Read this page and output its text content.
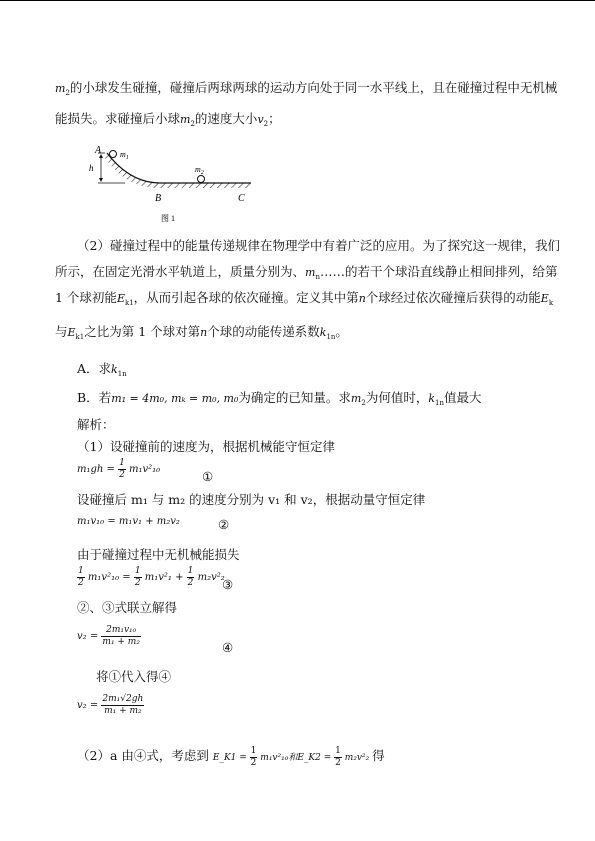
$m_2$的小球发生碰撞，碰撞后两球两球的运动方向处于同一水平线上，且在碰撞过程中无机械
能损失。求碰撞后小球$m_2$的速度大小$v_2$；
A $m_1$
h	$m_2$
B	C
图 1
（2）碰撞过程中的能量传递规律在物理学中有着广泛的应用。为了探究这一规律，我们
所示，在固定光滑水平轨道上，质量分别为、$m_n\dots\dots$的若干个球沿直线静止相间排列，给第
1 个球初能$E_{k1}$，从而引起各球的依次碰撞。定义其中第n个球经过依次碰撞后获得的动能$E_k$
与$E_{k1}$之比为第 1 个球对第n个球的动能传递系数$k_{1n}$。
A．求$k_{1n}$
B．若m₁ = 4m₀, mₖ = m₀, m₀为确定的已知量。求$m_2$为何值时，$k_{1n}$值最大
解析：
（1）设碰撞前的速度为，根据机械能守恒定律
$m_1gh = \frac{1}{2} m_1v^2_{10}$	①
设碰撞后 m₁ 与 m₂ 的速度分别为 v₁ 和 v₂，根据动量守恒定律
m₁v₁₀ = m₁v₁ + m₂v₂	②
由于碰撞过程中无机械能损失
$\frac{1}{2} m_1v^2_{10} = \frac{1}{2} m_1v^2_1 + \frac{1}{2} m_2v^2_2$
③
②、③式联立解得
$v_2 = \frac{\text{2m₁v₁₀}}{\text{m₁ + m₂}}$	④
将①代入得④
$v_2 = \frac{\text{2m₁√2gh}}{\text{m₁ + m₂}}$
（2）a 由④式，考虑到 E_K1 = $\frac{1}{2} m_1v^2_{10}$和E_K2 = $\frac{1}{2} m_2v^2_2$ 得
